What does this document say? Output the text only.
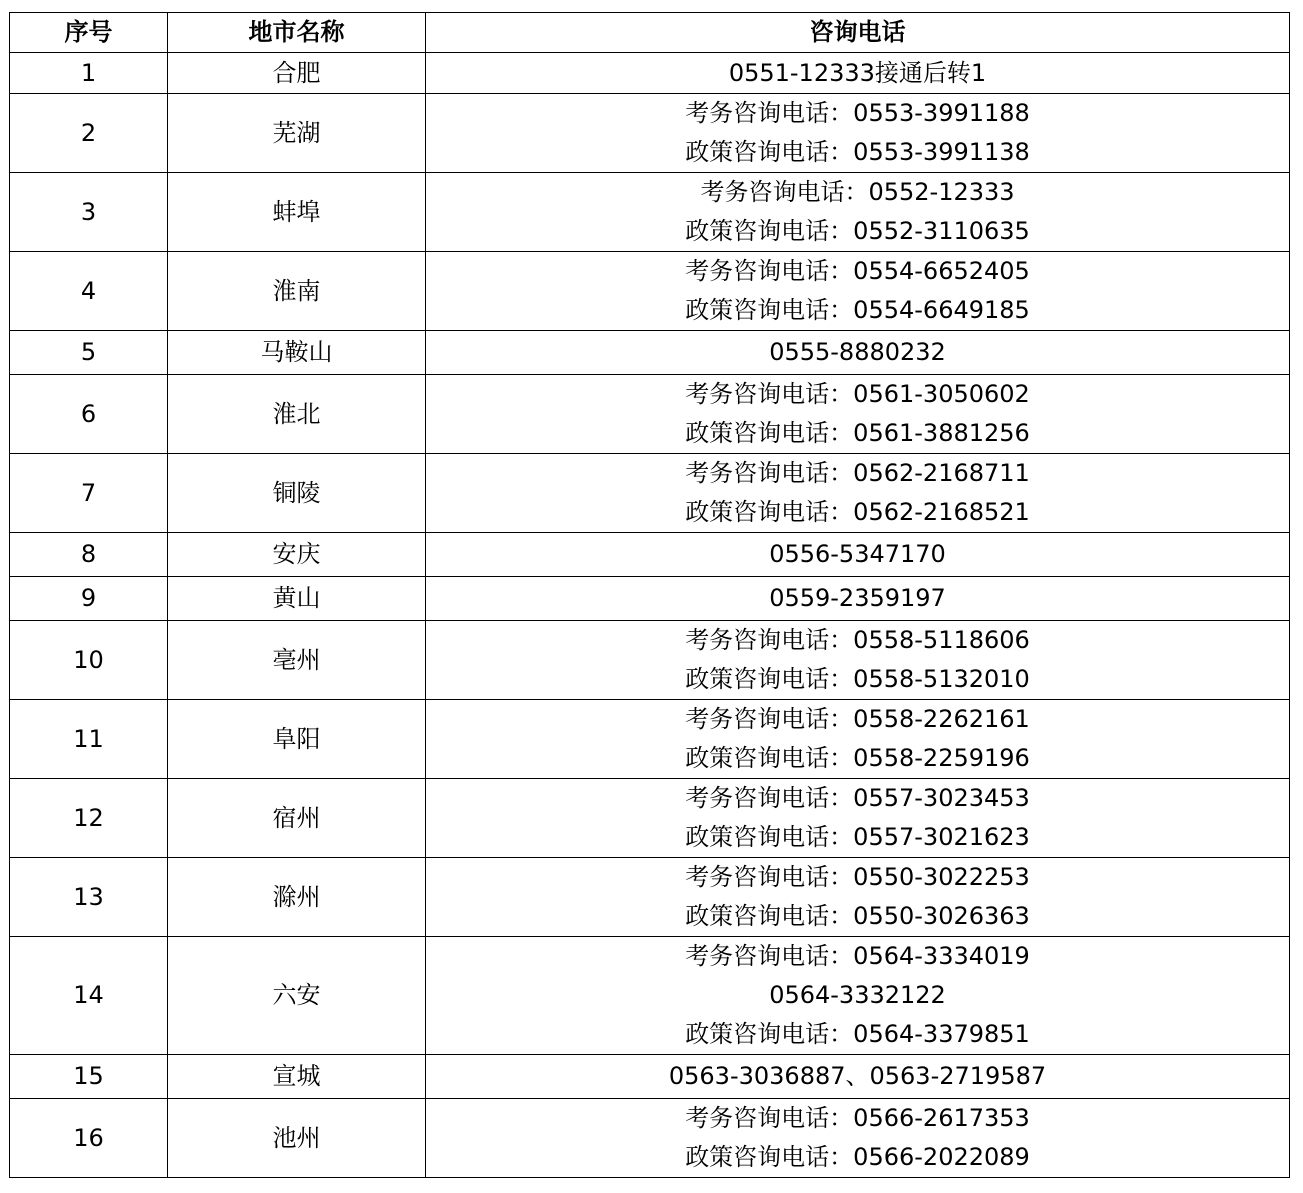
序号	地市名称	咨询电话
1	合肥	0551-12333接通后转1

2	芜湖	考务咨询电话：0553-3991188
政策咨询电话：0553-3991138

3	蚌埠	考务咨询电话：0552-12333
政策咨询电话：0552-3110635

4	淮南	考务咨询电话：0554-6652405
政策咨询电话：0554-6649185

5	马鞍山	0555-8880232

6	淮北	考务咨询电话：0561-3050602
政策咨询电话：0561-3881256

7	铜陵	考务咨询电话：0562-2168711
政策咨询电话：0562-2168521

8	安庆	0556-5347170

9	黄山	0559-2359197

10	亳州	考务咨询电话：0558-5118606
政策咨询电话：0558-5132010

11	阜阳	考务咨询电话：0558-2262161
政策咨询电话：0558-2259196

12	宿州	考务咨询电话：0557-3023453
政策咨询电话：0557-3021623

13	滁州	考务咨询电话：0550-3022253
政策咨询电话：0550-3026363

14	六安	考务咨询电话：0564-3334019
0564-3332122
政策咨询电话：0564-3379851

15	宣城	0563-3036887、0563-2719587

16	池州	考务咨询电话：0566-2617353
政策咨询电话：0566-2022089
